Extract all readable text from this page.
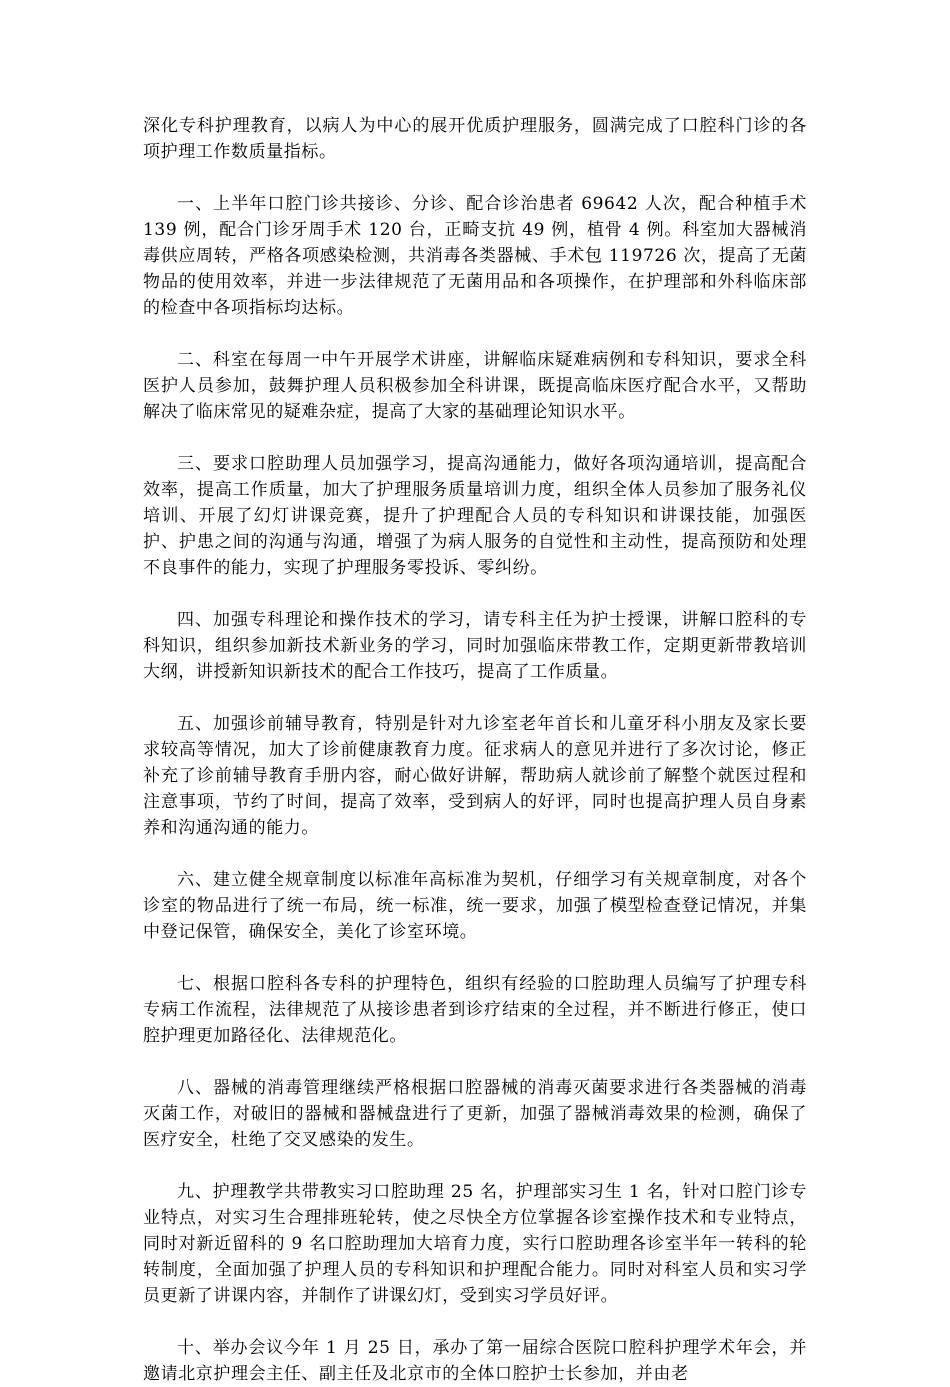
深化专科护理教育，以病人为中心的展开优质护理服务，圆满完成了口腔科门诊的各项护理工作数质量指标。

一、上半年口腔门诊共接诊、分诊、配合诊治患者 69642 人次，配合种植手术 139 例，配合门诊牙周手术 120 台，正畸支抗 49 例，植骨 4 例。科室加大器械消毒供应周转，严格各项感染检测，共消毒各类器械、手术包 119726 次，提高了无菌物品的使用效率，并进一步法律规范了无菌用品和各项操作，在护理部和外科临床部的检查中各项指标均达标。

二、科室在每周一中午开展学术讲座，讲解临床疑难病例和专科知识，要求全科医护人员参加，鼓舞护理人员积极参加全科讲课，既提高临床医疗配合水平，又帮助解决了临床常见的疑难杂症，提高了大家的基础理论知识水平。

三、要求口腔助理人员加强学习，提高沟通能力，做好各项沟通培训，提高配合效率，提高工作质量，加大了护理服务质量培训力度，组织全体人员参加了服务礼仪培训、开展了幻灯讲课竞赛，提升了护理配合人员的专科知识和讲课技能，加强医护、护患之间的沟通与沟通，增强了为病人服务的自觉性和主动性，提高预防和处理不良事件的能力，实现了护理服务零投诉、零纠纷。

四、加强专科理论和操作技术的学习，请专科主任为护士授课，讲解口腔科的专科知识，组织参加新技术新业务的学习，同时加强临床带教工作，定期更新带教培训大纲，讲授新知识新技术的配合工作技巧，提高了工作质量。

五、加强诊前辅导教育，特别是针对九诊室老年首长和儿童牙科小朋友及家长要求较高等情况，加大了诊前健康教育力度。征求病人的意见并进行了多次讨论，修正补充了诊前辅导教育手册内容，耐心做好讲解，帮助病人就诊前了解整个就医过程和注意事项，节约了时间，提高了效率，受到病人的好评，同时也提高护理人员自身素养和沟通沟通的能力。

六、建立健全规章制度以标准年高标准为契机，仔细学习有关规章制度，对各个诊室的物品进行了统一布局，统一标准，统一要求，加强了模型检查登记情况，并集中登记保管，确保安全，美化了诊室环境。

七、根据口腔科各专科的护理特色，组织有经验的口腔助理人员编写了护理专科专病工作流程，法律规范了从接诊患者到诊疗结束的全过程，并不断进行修正，使口腔护理更加路径化、法律规范化。

八、器械的消毒管理继续严格根据口腔器械的消毒灭菌要求进行各类器械的消毒灭菌工作，对破旧的器械和器械盘进行了更新，加强了器械消毒效果的检测，确保了医疗安全，杜绝了交叉感染的发生。

九、护理教学共带教实习口腔助理 25 名，护理部实习生 1 名，针对口腔门诊专业特点，对实习生合理排班轮转，使之尽快全方位掌握各诊室操作技术和专业特点，同时对新近留科的 9 名口腔助理加大培育力度，实行口腔助理各诊室半年一转科的轮转制度，全面加强了护理人员的专科知识和护理配合能力。同时对科室人员和实习学员更新了讲课内容，并制作了讲课幻灯，受到实习学员好评。

十、举办会议今年 1 月 25 日，承办了第一届综合医院口腔科护理学术年会，并邀请北京护理会主任、副主任及北京市的全体口腔护士长参加，并由老
